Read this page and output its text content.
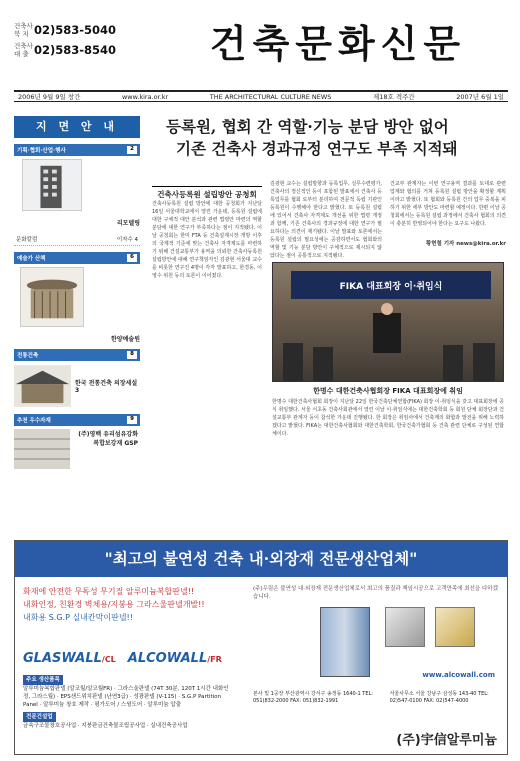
건축사
북 지 02)583-5040
건축사
대 출 02)583-8540	건축문화신문
2006년 9월 9일 창간	www.kira.or.kr	THE ARCHITECTURAL CULTURE NEWS	제18호 격주간	2007년 6월 1일
지 면 안 내
기획·협회·산업·행사	2
리모델링
문화칼럼	이자수 4
예술가 산책	6
한양예술원
전통건축	8
한국 전통건축 의장세설 3
추천 우수자재	9
(주)영백 유리섬유강화 복합보강재 GSP
등록원, 협회 간 역할·기능 분담 방안 없어
기존 건축사 경과규정 연구도 부족 지적돼
건축사등록원 설립방안 공청회
건축사등록원 설립 방안에 대한 공청회가 지난달 16일 서울대학교에서 열린 가운데, 등록원 설립에 대한 구체적 대안 분석과 관련 법령안 마련의 역할분담에 대한 연구가 부족하다는 점이 지적됐다. 이날 공청회는 한미 FTA 등 건축설계시장 개방 이후의 국제적 기준에 맞는 건축사 자격제도를 마련하기 위해 건설교통부가 용역을 의뢰한 건축사등록원 설립방안에 대해 연구책임자인 김광현 서울대 교수를 비롯한 연구진 4명이 각각 발표하고, 한경동, 이영수 위원 등의 토론이 이어졌다.
김광현 교수는 설립방향과 등록업무, 실무수련평가, 건축사의 정신적인 등이 포함된 발표에서 건축사 등록업무를 협회 로부터 분리하여 전문적 독립 기관인 등록원이 수행해야 한다고 밝혔다. 또 등록원 설립에 있어서 건축사 자격제도 개선을 위한 법령 개정과 함께, 기존 건축사의 경과규정에 대한 연구가 필요하다는 의견이 제기됐다. 이날 발표와 토론에서는 등록원 설립의 필요성에는 공감하면서도 협회와의 역할 및 기능 분담 방안이 구체적으로 제시되지 않았다는 점이 공통적으로 지적됐다.
건교부 관계자는 이번 연구용역 결과를 토대로 관련 업계와 협의를 거쳐 등록원 설립 방안을 확정할 계획이라고 밝혔다. 또 협회와 등록원 간의 업무 중복을 피하기 위한 세부 방안도 마련할 예정이다. 한편 이날 공청회에서는 등록원 설립 과정에서 건축사 협회의 의견이 충분히 반영되어야 한다는 요구도 나왔다.
황현철 기자 news@kira.or.kr
FIKA 대표회장 이·취임식
한명수 대한건축사협회장 FIKA 대표회장에 취임
한명수 대한건축사협회 회장이 지난달 22일 한국건축단체연합(FIKA) 회장 이·취임식을 갖고 대표회장에 공식 취임했다. 서울 서초동 건축사회관에서 열린 이날 이·취임식에는 대한건축학회 등 회원 단체 회장단과 건설교통부 관계자 등이 참석한 가운데 진행됐다. 한 회장은 취임사에서 건축계의 화합과 발전을 위해 노력하겠다고 밝혔다. FIKA는 대한건축사협회와 대한건축학회, 한국건축가협회 등 건축 관련 단체로 구성된 연합체이다.
"최고의 불연성 건축 내·외장재 전문생산업체"
화재에 안전한 무독성 무기질 알루미늄복합판넬!!
내화인정, 친환경 벽체용/지붕용 그라스울판넬개발!!
내화용 S.G.P 실내칸막이판넬!!
GLASWALL/CL ALCOWALL/FR
주요 생산품목
알루미늄복합판넬 (알코월/알코월FR) · 그라스울판넬 (74T 30분, 120T 1시간 내화인정, 그라스월) · EPS샌드위치판넬 (난연3급) · 성광판넬 (V-115) · S.G.P Partition Panel · 알루미늄 창호 제작 · 평가도어 / 스윙도어 · 알루미늄 압출
전문건설업
금속구조물창호공사업 · 지붕판금건축물조립공사업 · 실내건축공사업
(주)우림은 불연성 내·외장재 전문생산업체로서 최고의 품질과 책임시공으로 고객만족에 최선을 다하겠습니다.
www.alcowall.com
본사 및 1공장 부산광역시 강서구 송정동 1640-1 TEL: 051)832-2000 FAX: 051)832-1991
서울사무소 서울 강남구 삼성동 143-40 TEL: 02)547-0100 FAX: 02)547-4000
(주)宇信알루미늄
